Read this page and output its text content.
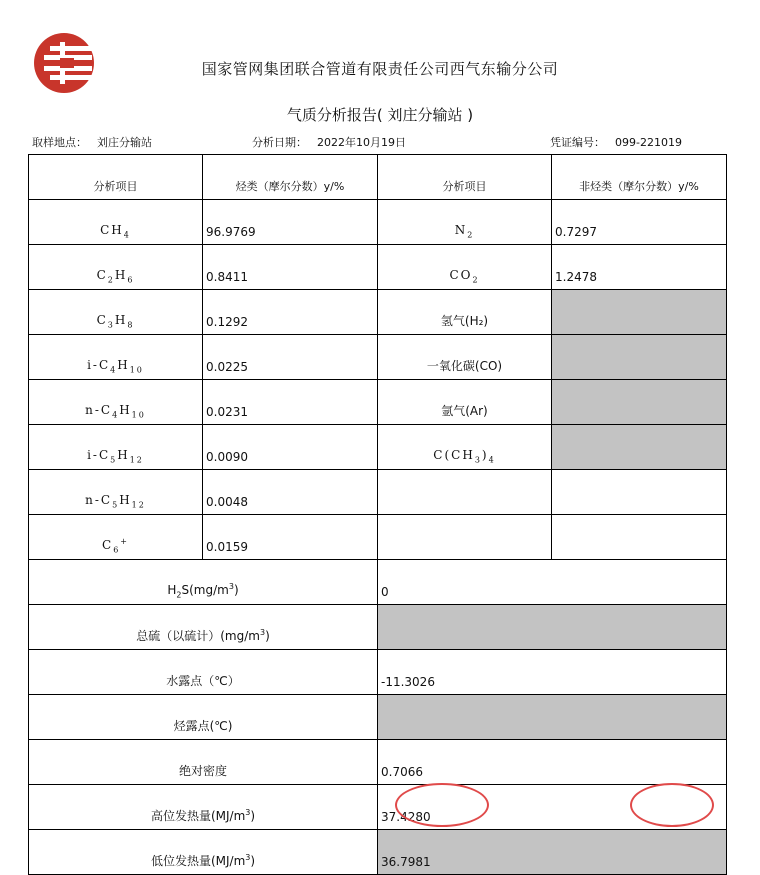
国家管网集团联合管道有限责任公司西气东输分公司
气质分析报告( 刘庄分输站 )
取样地点： 刘庄分输站	分析日期： 2022年10月19日	凭证编号： 099-221019
分析项目	烃类（摩尔分数）y/%	分析项目	非烃类（摩尔分数）y/%
$CH_4$	96.9769	$N_2$	0.7297
$C_2H_6$	0.8411	$CO_2$	1.2478
$C_3H_8$	0.1292	氢气(H₂)	
$i-C_4H_{10}$	0.0225	一氧化碳(CO)	
$n-C_4H_{10}$	0.0231	氩气(Ar)	
$i-C_5H_{12}$	0.0090	$C(CH_3)_4$	
$n-C_5H_{12}$	0.0048		
$C_6^+$	0.0159		
$H_2S(mg/m^3)$		0	
总硫（以硫计）$(mg/m^3)$			
水露点（℃）		-11.3026	
烃露点(℃)			
绝对密度		0.7066	
高位发热量$(MJ/m^3)$		37.4280	
低位发热量$(MJ/m^3)$		36.7981	
